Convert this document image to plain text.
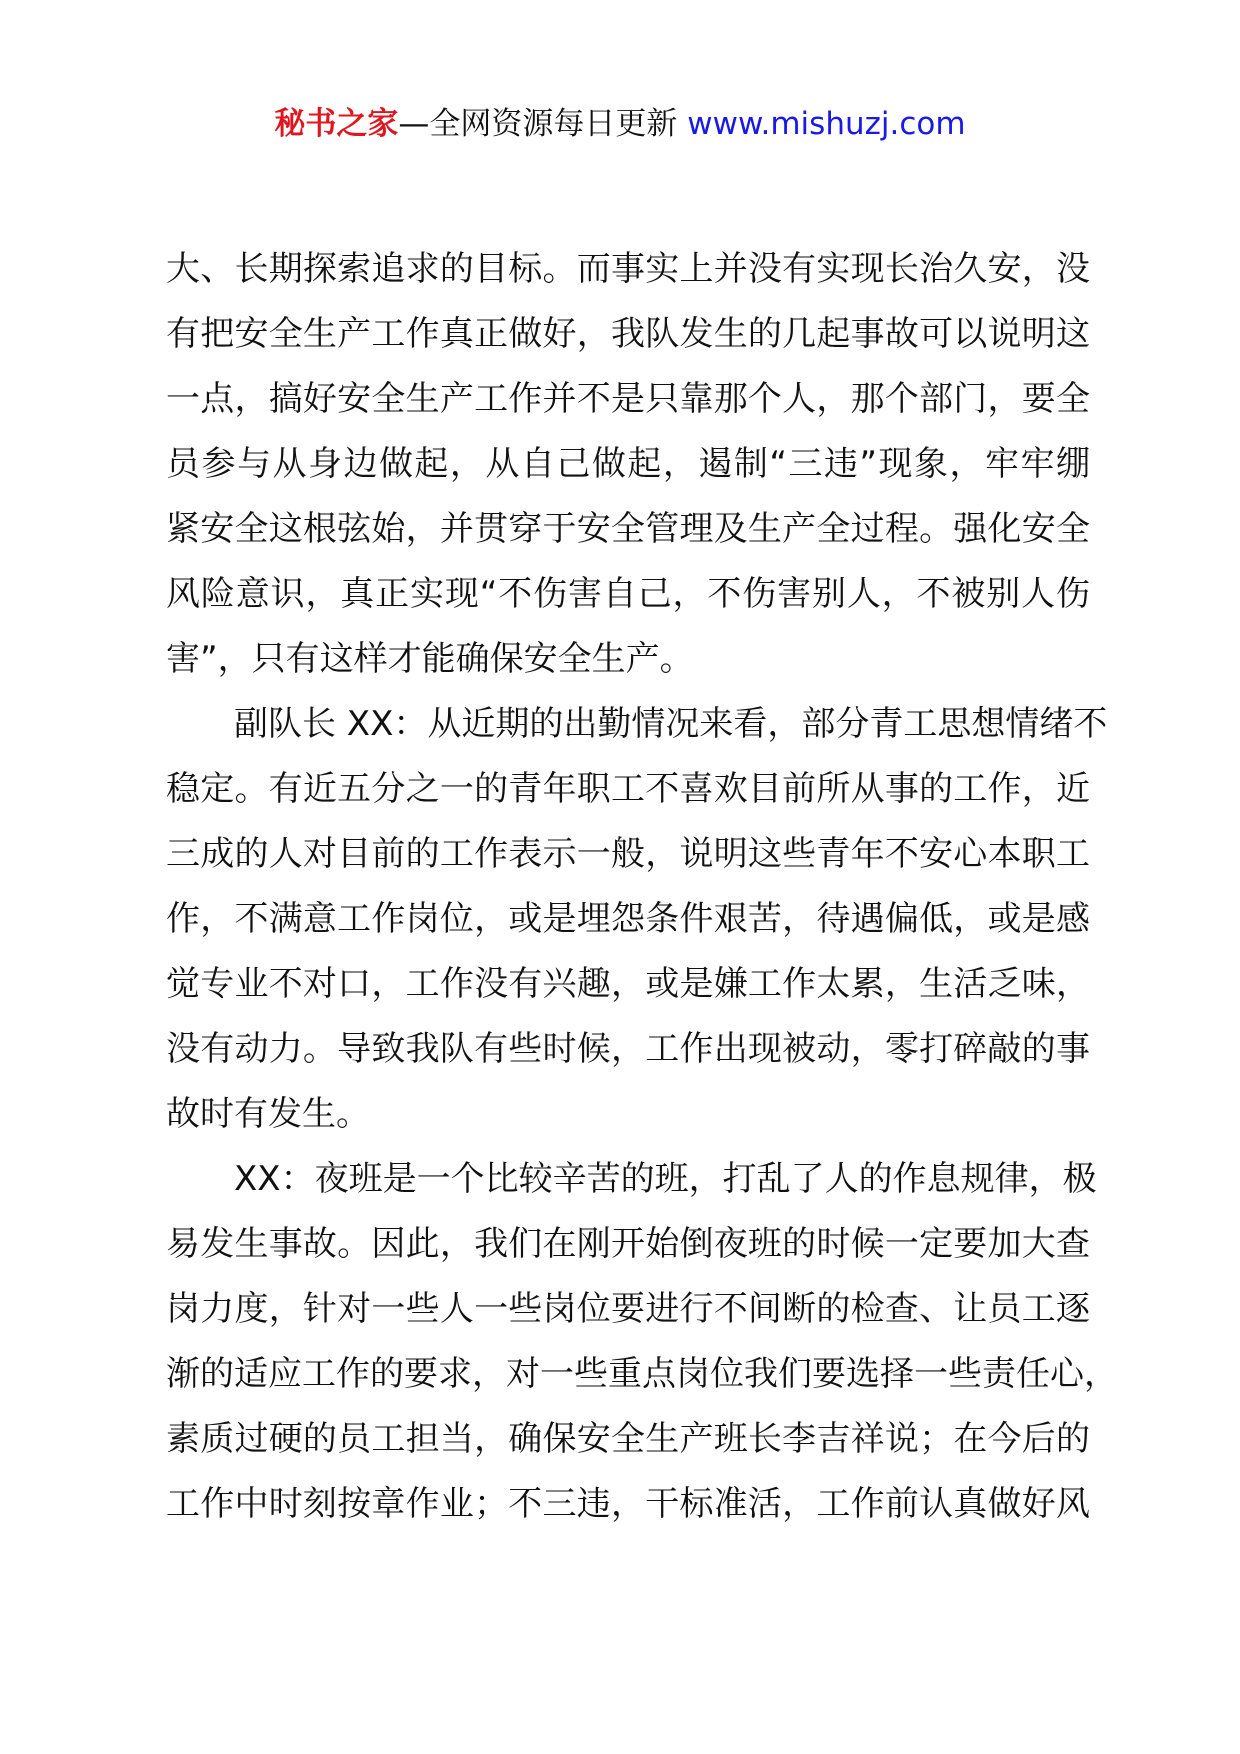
秘书之家—全网资源每日更新 www.mishuzj.com
大、长期探索追求的目标。而事实上并没有实现长治久安，没
有把安全生产工作真正做好，我队发生的几起事故可以说明这
一点，搞好安全生产工作并不是只靠那个人，那个部门，要全
员参与从身边做起，从自己做起，遏制“三违”现象，牢牢绷
紧安全这根弦始，并贯穿于安全管理及生产全过程。强化安全
风险意识，真正实现“不伤害自己，不伤害别人，不被别人伤
害”，只有这样才能确保安全生产。
副队长 XX：从近期的出勤情况来看，部分青工思想情绪不
稳定。有近五分之一的青年职工不喜欢目前所从事的工作，近
三成的人对目前的工作表示一般，说明这些青年不安心本职工
作，不满意工作岗位，或是埋怨条件艰苦，待遇偏低，或是感
觉专业不对口，工作没有兴趣，或是嫌工作太累，生活乏味，
没有动力。导致我队有些时候，工作出现被动，零打碎敲的事
故时有发生。
XX：夜班是一个比较辛苦的班，打乱了人的作息规律，极
易发生事故。因此，我们在刚开始倒夜班的时候一定要加大查
岗力度，针对一些人一些岗位要进行不间断的检查、让员工逐
渐的适应工作的要求，对一些重点岗位我们要选择一些责任心，
素质过硬的员工担当，确保安全生产班长李吉祥说；在今后的
工作中时刻按章作业；不三违，干标准活，工作前认真做好风
